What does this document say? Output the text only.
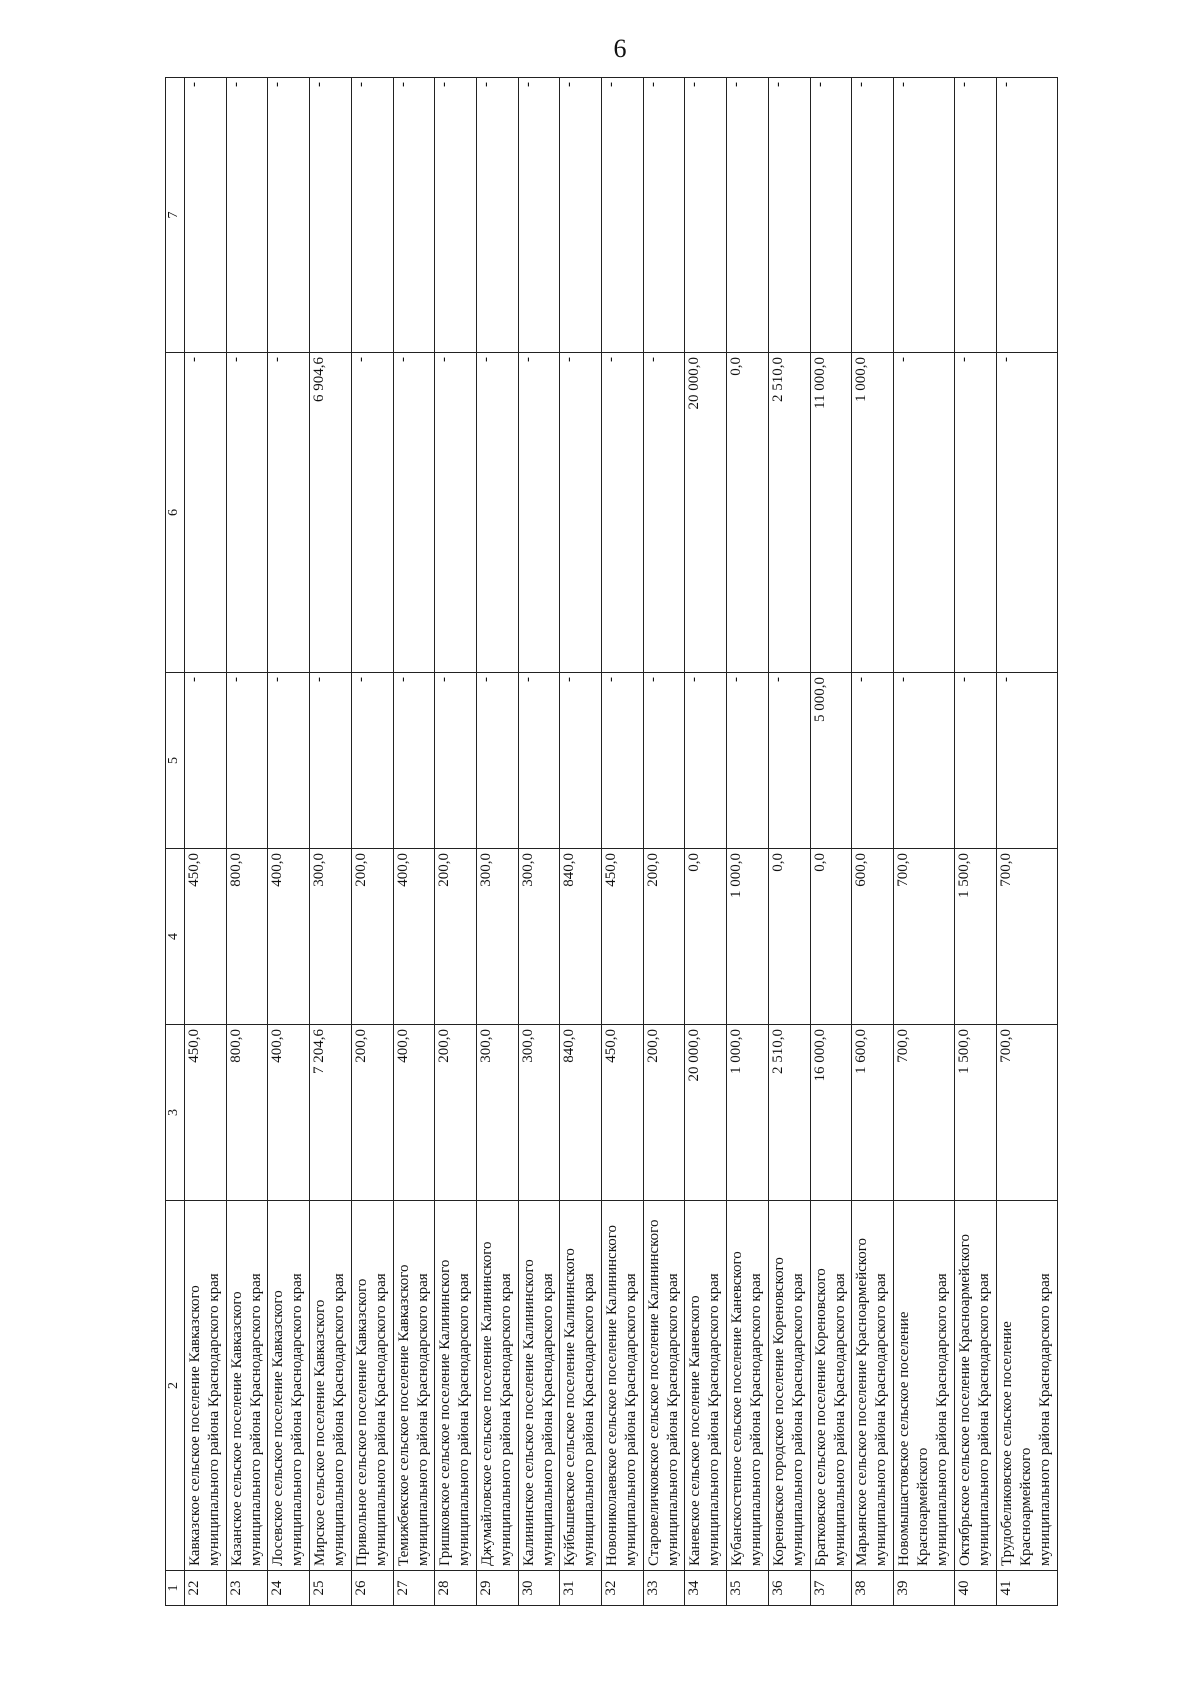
6
1	2	3	4	5	6	7
22	Кавказское сельское поселение Кавказского муниципального района Краснодарского края	450,0	450,0	-	-	-
23	Казанское сельское поселение Кавказского муниципального района Краснодарского края	800,0	800,0	-	-	-
24	Лосевское сельское поселение Кавказского муниципального района Краснодарского края	400,0	400,0	-	-	-
25	Мирское сельское поселение Кавказского муниципального района Краснодарского края	7 204,6	300,0	-	6 904,6	-
26	Привольное сельское поселение Кавказского муниципального района Краснодарского края	200,0	200,0	-	-	-
27	Темижбекское сельское поселение Кавказского муниципального района Краснодарского края	400,0	400,0	-	-	-
28	Гришковское сельское поселение Калининского муниципального района Краснодарского края	200,0	200,0	-	-	-
29	Джумайловское сельское поселение Калининского муниципального района Краснодарского края	300,0	300,0	-	-	-
30	Калининское сельское поселение Калининского муниципального района Краснодарского края	300,0	300,0	-	-	-
31	Куйбышевское сельское поселение Калининского муниципального района Краснодарского края	840,0	840,0	-	-	-
32	Новониколаевское сельское поселение Калининского муниципального района Краснодарского края	450,0	450,0	-	-	-
33	Старовеличковское сельское поселение Калининского муниципального района Краснодарского края	200,0	200,0	-	-	-
34	Каневское сельское поселение Каневского муниципального района Краснодарского края	20 000,0	0,0	-	20 000,0	-
35	Кубанскостепное сельское поселение Каневского муниципального района Краснодарского края	1 000,0	1 000,0	-	0,0	-
36	Кореновское городское поселение Кореновского муниципального района Краснодарского края	2 510,0	0,0	-	2 510,0	-
37	Братковское сельское поселение Кореновского муниципального района Краснодарского края	16 000,0	0,0	5 000,0	11 000,0	-
38	Марьянское сельское поселение Красноармейского муниципального района Краснодарского края	1 600,0	600,0	-	1 000,0	-
39	Новомышастовское сельское поселение Красноармейского муниципального района Краснодарского края	700,0	700,0	-	-	-
40	Октябрьское сельское поселение Красноармейского муниципального района Краснодарского края	1 500,0	1 500,0	-	-	-
41	Трудобеликовское сельское поселение Красноармейского муниципального района Краснодарского края	700,0	700,0	-	-	-
